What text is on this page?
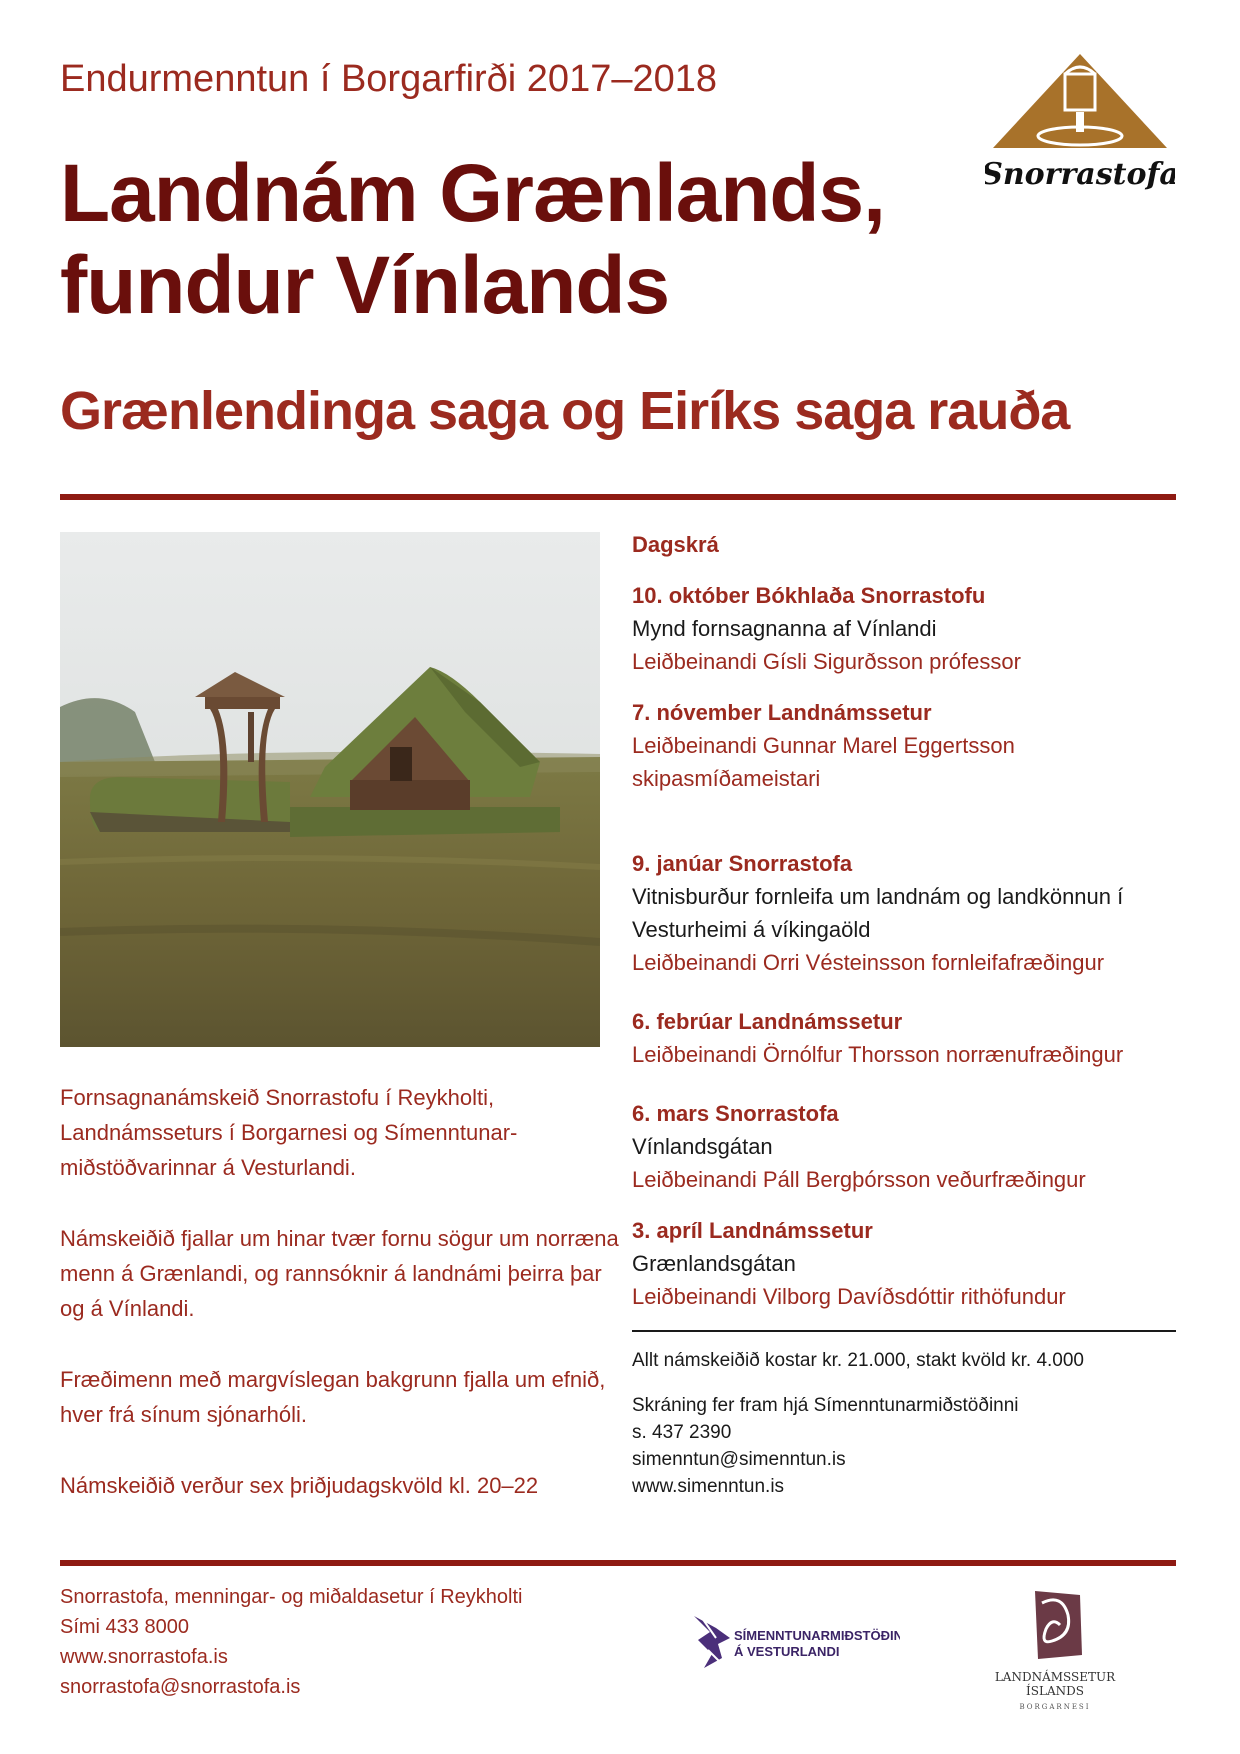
Endurmenntun í Borgarfirði 2017–2018
Landnám Grænlands,
fundur Vínlands
Grænlendinga saga og Eiríks saga rauða
Snorrastofa
Dagskrá
10. október Bókhlaða Snorrastofu
Mynd fornsagnanna af Vínlandi
Leiðbeinandi Gísli Sigurðsson prófessor
7. nóvember Landnámssetur
Leiðbeinandi Gunnar Marel Eggertsson skipasmíðameistari
9. janúar Snorrastofa
Vitnisburður fornleifa um landnám og landkönnun í Vesturheimi á víkingaöld
Leiðbeinandi Orri Vésteinsson fornleifafræðingur
6. febrúar Landnámssetur
Leiðbeinandi Örnólfur Thorsson norrænufræðingur
6. mars Snorrastofa
Vínlandsgátan
Leiðbeinandi Páll Bergþórsson veðurfræðingur
3. apríl Landnámssetur
Grænlandsgátan
Leiðbeinandi Vilborg Davíðsdóttir rithöfundur
Allt námskeiðið kostar kr. 21.000, stakt kvöld kr. 4.000
Skráning fer fram hjá Símenntunarmiðstöðinni
s. 437 2390
simenntun@simenntun.is
www.simenntun.is

Fornsagnanámskeið Snorrastofu í Reykholti, Landnámsseturs í Borgarnesi og Símenntunarmiðstöðvarinnar á Vesturlandi.

Námskeiðið fjallar um hinar tvær fornu sögur um norræna menn á Grænlandi, og rannsóknir á landnámi þeirra þar og á Vínlandi.

Fræðimenn með margvíslegan bakgrunn fjalla um efnið, hver frá sínum sjónarhóli.

Námskeiðið verður sex þriðjudagskvöld kl. 20–22

Snorrastofa, menningar- og miðaldasetur í Reykholti
Sími 433 8000
www.snorrastofa.is
snorrastofa@snorrastofa.is
SÍMENNTUNARMIÐSTÖÐIN
Á VESTURLANDI
LANDNÁMSSETUR
ÍSLANDS
BORGARNESI
